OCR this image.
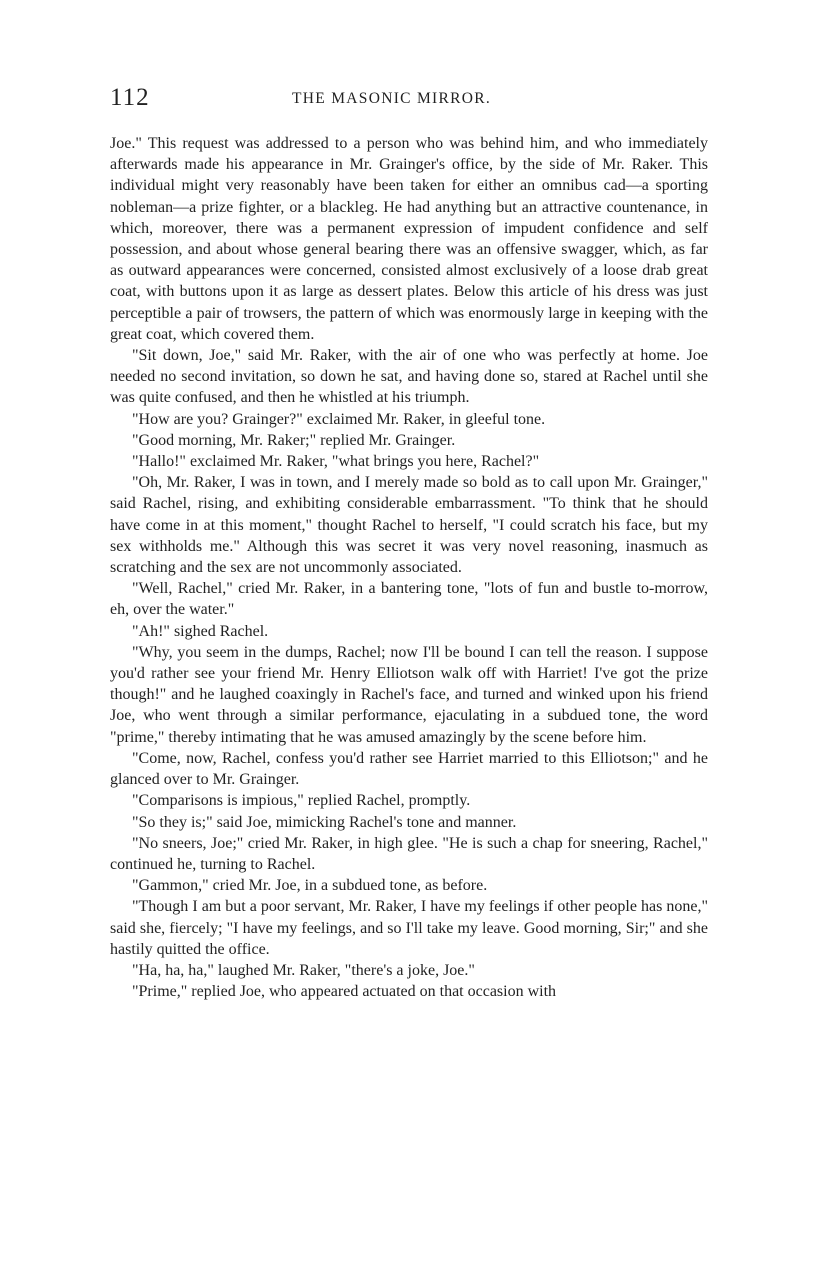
112	THE MASONIC MIRROR.

Joe." This request was addressed to a person who was behind him, and who immediately afterwards made his appearance in Mr. Grainger's office, by the side of Mr. Raker. This individual might very reasonably have been taken for either an omnibus cad—a sporting nobleman—a prize fighter, or a blackleg. He had anything but an attractive countenance, in which, moreover, there was a permanent expression of impudent confidence and self possession, and about whose general bearing there was an offensive swagger, which, as far as outward appearances were concerned, consisted almost exclusively of a loose drab great coat, with buttons upon it as large as dessert plates. Below this article of his dress was just perceptible a pair of trowsers, the pattern of which was enormously large in keeping with the great coat, which covered them.

"Sit down, Joe," said Mr. Raker, with the air of one who was perfectly at home. Joe needed no second invitation, so down he sat, and having done so, stared at Rachel until she was quite confused, and then he whistled at his triumph.

"How are you? Grainger?" exclaimed Mr. Raker, in gleeful tone.

"Good morning, Mr. Raker;" replied Mr. Grainger.

"Hallo!" exclaimed Mr. Raker, "what brings you here, Rachel?"

"Oh, Mr. Raker, I was in town, and I merely made so bold as to call upon Mr. Grainger," said Rachel, rising, and exhibiting considerable embarrassment. "To think that he should have come in at this moment," thought Rachel to herself, "I could scratch his face, but my sex withholds me." Although this was secret it was very novel reasoning, inasmuch as scratching and the sex are not uncommonly associated.

"Well, Rachel," cried Mr. Raker, in a bantering tone, "lots of fun and bustle to-morrow, eh, over the water."

"Ah!" sighed Rachel.

"Why, you seem in the dumps, Rachel; now I'll be bound I can tell the reason. I suppose you'd rather see your friend Mr. Henry Elliotson walk off with Harriet! I've got the prize though!" and he laughed coaxingly in Rachel's face, and turned and winked upon his friend Joe, who went through a similar performance, ejaculating in a subdued tone, the word "prime," thereby intimating that he was amused amazingly by the scene before him.

"Come, now, Rachel, confess you'd rather see Harriet married to this Elliotson;" and he glanced over to Mr. Grainger.

"Comparisons is impious," replied Rachel, promptly.

"So they is;" said Joe, mimicking Rachel's tone and manner.

"No sneers, Joe;" cried Mr. Raker, in high glee. "He is such a chap for sneering, Rachel," continued he, turning to Rachel.

"Gammon," cried Mr. Joe, in a subdued tone, as before.

"Though I am but a poor servant, Mr. Raker, I have my feelings if other people has none," said she, fiercely; "I have my feelings, and so I'll take my leave. Good morning, Sir;" and she hastily quitted the office.

"Ha, ha, ha," laughed Mr. Raker, "there's a joke, Joe."

"Prime," replied Joe, who appeared actuated on that occasion with
